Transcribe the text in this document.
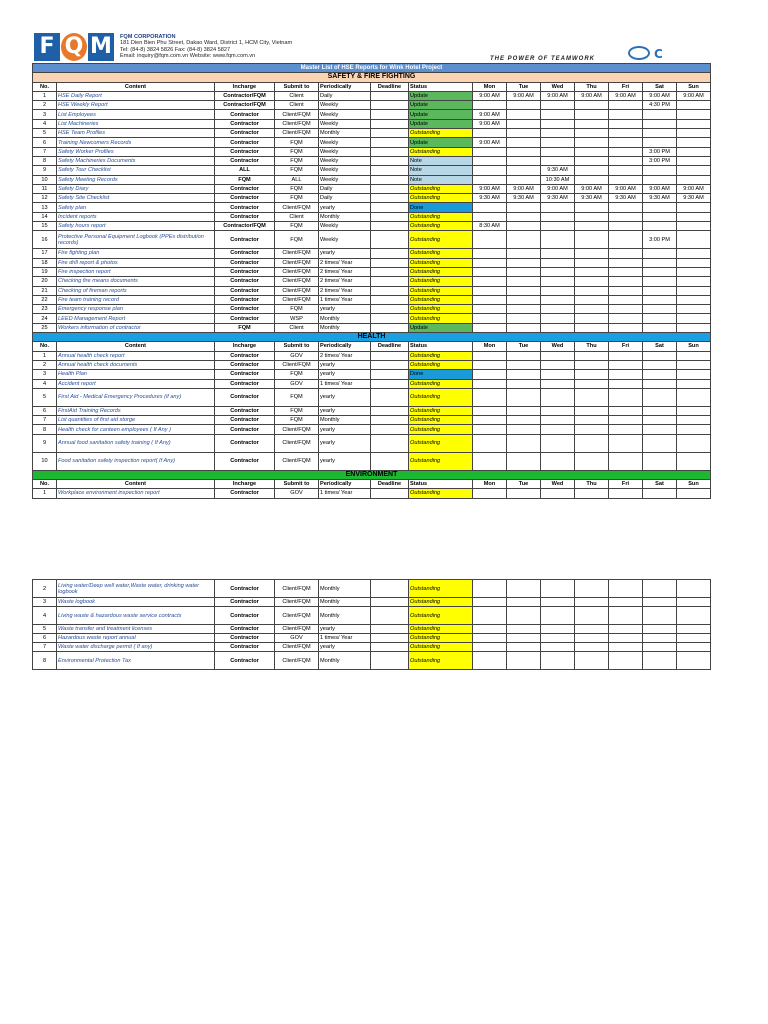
F Q M	FQM CORPORATION
181 Dien Bien Phu Street, Dakao Ward, District 1, HCM City, Vietnam
Tel: (84-8) 3824 5826 Fax: (84-8) 3824 5827
Email: inquiry@fqm.com.vn Website: www.fqm.com.vn
THE POWER OF TEAMWORK	C
Master List of HSE Reports for Wink Hotel Project													
SAFETY & FIRE FIGHTING													
No.	Content	Incharge	Submit to	Periodically	Deadline	Status	Mon	Tue	Wed	Thu	Fri	Sat	Sun
1	HSE Daily Report	Contractor/FQM	Client	Daily		Update	9:00 AM	9:00 AM	9:00 AM	9:00 AM	9:00 AM	9:00 AM	9:00 AM
2	HSE Weekly Report	Contractor/FQM	Client	Weekly		Update						4:30 PM	
3	List Employees	Contractor	Client/FQM	Weekly		Update	9:00 AM						
4	List Machineries	Contractor	Client/FQM	Weekly		Update	9:00 AM						
5	HSE Team Profiles	Contractor	Client/FQM	Monthly		Outstanding							
6	Training Newcomers Records	Contractor	FQM	Weekly		Update	9:00 AM						
7	Safety Worker Profiles	Contractor	FQM	Weekly		Outstanding						3:00 PM	
8	Safety Machineries Documents	Contractor	FQM	Weekly		Note						3:00 PM	
9	Safety Tour Checklist	ALL	FQM	Weekly		Note			9:30 AM				
10	Safety Meeting Records	FQM	ALL	Weekly		Note			10:30 AM				
11	Safety Diary	Contractor	FQM	Daily		Outstanding	9:00 AM	9:00 AM	9:00 AM	9:00 AM	9:00 AM	9:00 AM	9:00 AM
12	Safety Site Checklist	Contractor	FQM	Daily		Outstanding	9:30 AM	9:30 AM	9:30 AM	9:30 AM	9:30 AM	9:30 AM	9:30 AM
13	Safety plan	Contractor	Client/FQM	yearly		Done							
14	Incident reports	Contractor	Client	Monthly		Outstanding							
15	Safety hours report	Contractor/FQM	FQM	Weekly		Outstanding	8:30 AM						
16	Protective Personal Equipment Logbook (PPEs distribution records)	Contractor	FQM	Weekly		Outstanding						3:00 PM	
17	Fire fighting plan	Contractor	Client/FQM	yearly		Outstanding							
18	Fire drill report & photos	Contractor	Client/FQM	2 times/ Year		Outstanding							
19	Fire inspection report	Contractor	Client/FQM	2 times/ Year		Outstanding							
20	Checking fire means documents	Contractor	Client/FQM	2 times/ Year		Outstanding							
21	Checking of fireman reports	Contractor	Client/FQM	2 times/ Year		Outstanding							
22	Fire team training record	Contractor	Client/FQM	1 times/ Year		Outstanding							
23	Emergency response plan	Contractor	FQM	yearly		Outstanding							
24	LEED Management Report	Contractor	WSP	Monthly		Outstanding							
25	Workers information of contractor	FQM	Client	Monthly		Update							
HEALTH													
No.	Content	Incharge	Submit to	Periodically	Deadline	Status	Mon	Tue	Wed	Thu	Fri	Sat	Sun
1	Annual health check report	Contractor	GOV	2 times/ Year		Outstanding							
2	Annual health check documents	Contractor	Client/FQM	yearly		Outstanding							
3	Health Plan	Contractor	FQM	yearly		Done							
4	Accident report	Contractor	GOV	1 times/ Year		Outstanding							
5	First Aid - Medical Emergency Procedures (if any)	Contractor	FQM	yearly		Outstanding							
6	FirstAid Training Records	Contractor	FQM	yearly		Outstanding							
7	List quantities of first aid storge	Contractor	FQM	Monthly		Outstanding							
8	Health check for canteen employees ( If Any )	Contractor	Client/FQM	yearly		Outstanding							
9	Annual food sanitation safety training ( If Any)	Contractor	Client/FQM	yearly		Outstanding							
10	Food sanitation safety inspection report( If Any)	Contractor	Client/FQM	yearly		Outstanding							
ENVIRONMENT													
No.	Content	Incharge	Submit to	Periodically	Deadline	Status	Mon	Tue	Wed	Thu	Fri	Sat	Sun
1	Workplace environment inspection report	Contractor	GOV	1 times/ Year		Outstanding							
2	Living water/Deep well water,Waste water, drinking water logbook	Contractor	Client/FQM	Monthly		Outstanding							
3	Waste logbook	Contractor	Client/FQM	Monthly		Outstanding							
4	Living waste & hazardous waste service contracts	Contractor	Client/FQM	Monthly		Outstanding							
5	Waste transfer and treatment licenses	Contractor	Client/FQM	yearly		Outstanding							
6	Hazardous waste report annual	Contractor	GOV	1 times/ Year		Outstanding							
7	Waste water discharge permit ( If any)	Contractor	Client/FQM	yearly		Outstanding							
8	Environmental Protection Tax	Contractor	Client/FQM	Monthly		Outstanding							
